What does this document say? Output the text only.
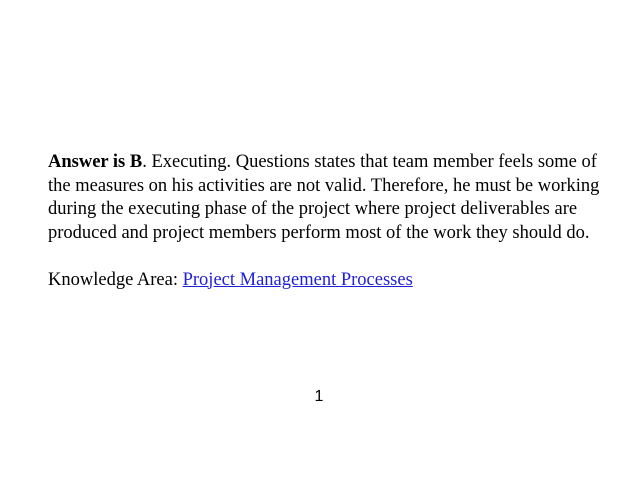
Answer is B. Executing. Questions states that team member feels some of the measures on his activities are not valid. Therefore, he must be working during the executing phase of the project where project deliverables are produced and project members perform most of the work they should do.

Knowledge Area: Project Management Processes

1
